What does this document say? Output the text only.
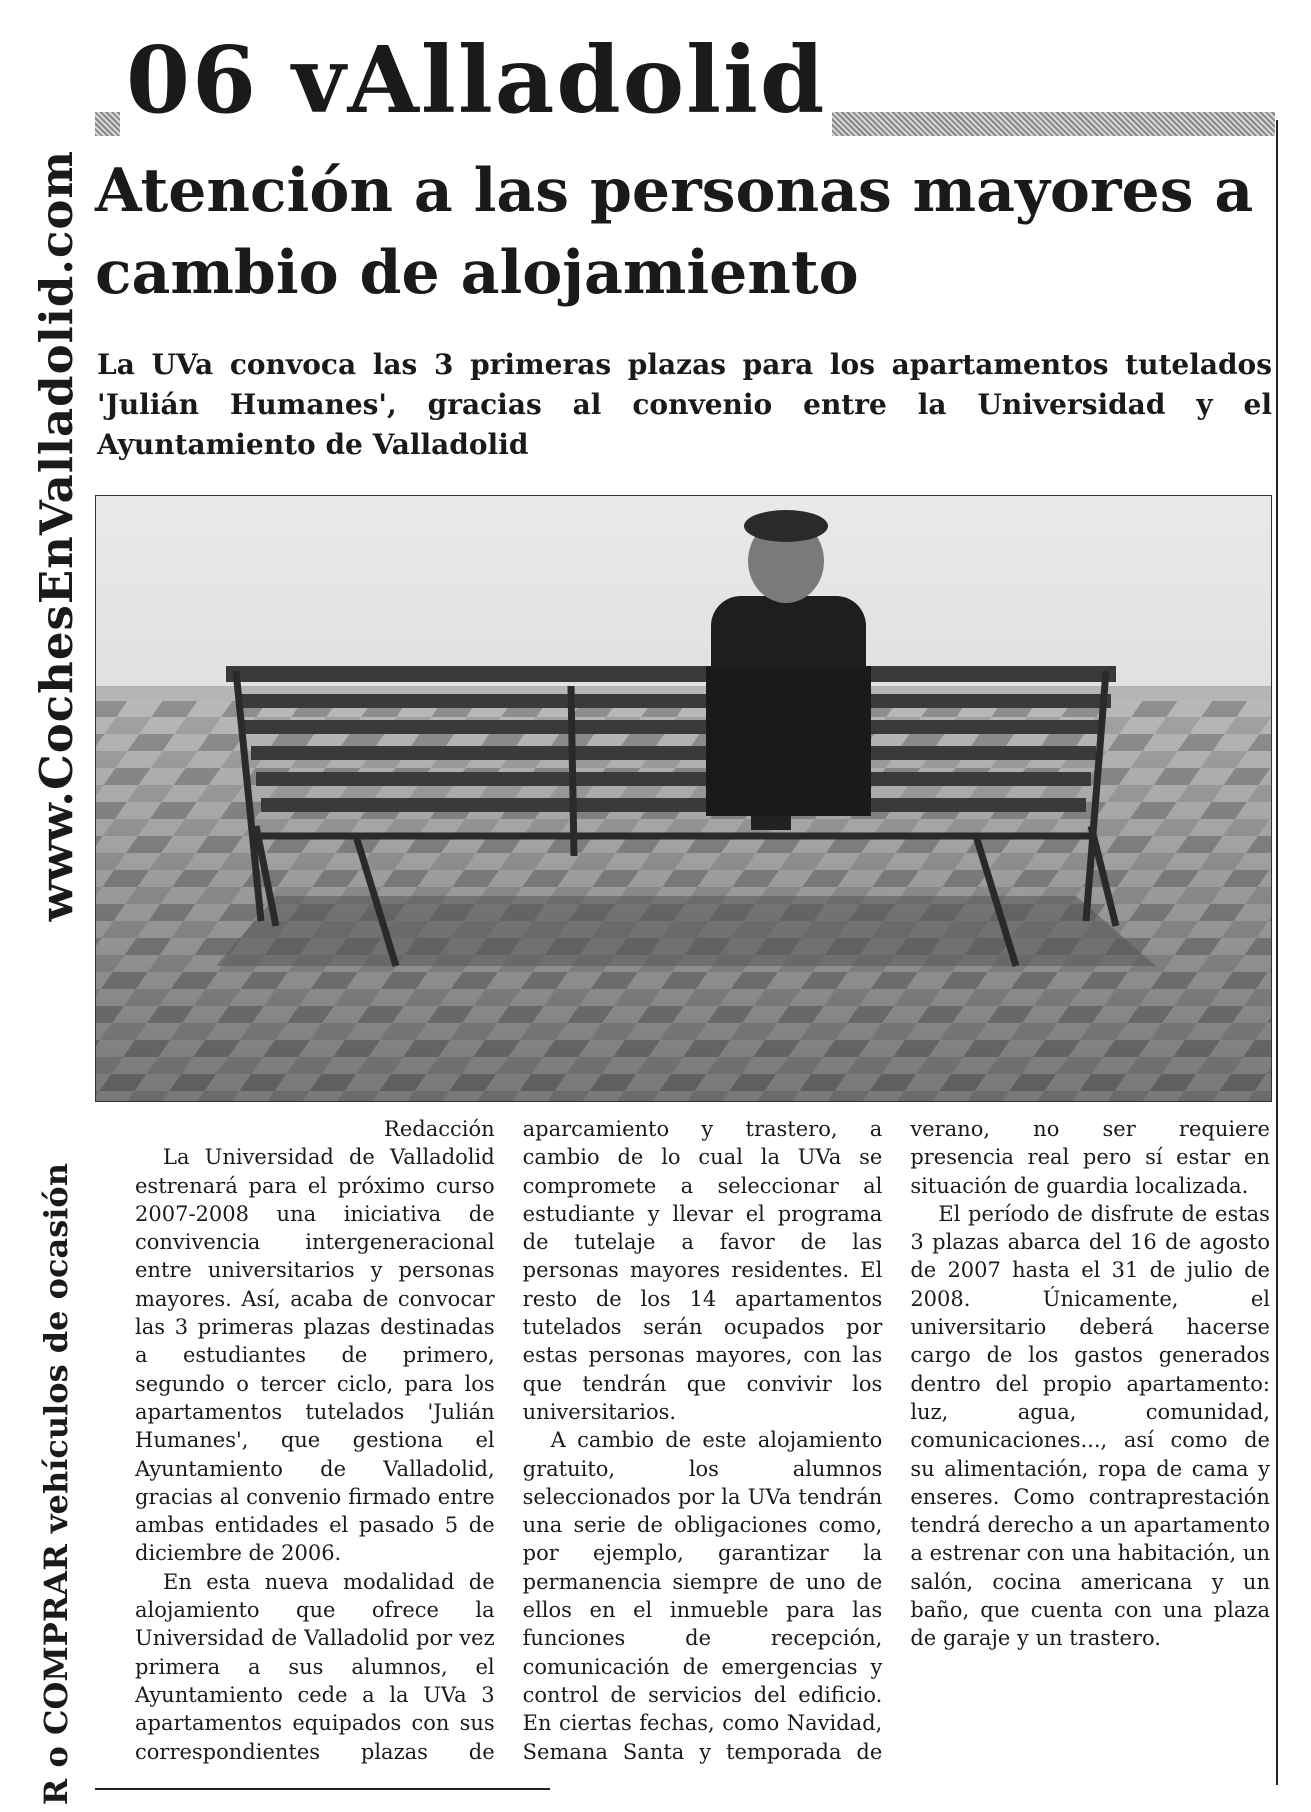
www.CochesEnValladolid.com
R o COMPRAR vehículos de ocasión
06 vAlladolid
Atención a las personas mayores a cambio de alojamiento

La UVa convoca las 3 primeras plazas para los apartamentos tutelados 'Julián Humanes', gracias al convenio entre la Universidad y el Ayuntamiento de Valladolid

Redacción

La Universidad de Valladolid estrenará para el próximo curso 2007-2008 una iniciativa de convivencia intergeneracional entre universitarios y personas mayores. Así, acaba de convocar las 3 primeras plazas destinadas a estudiantes de primero, segundo o tercer ciclo, para los apartamentos tutelados 'Julián Humanes', que gestiona el Ayuntamiento de Valladolid, gracias al convenio firmado entre ambas entidades el pasado 5 de diciembre de 2006.

En esta nueva modalidad de alojamiento que ofrece la Universidad de Valladolid por vez primera a sus alumnos, el Ayuntamiento cede a la UVa 3 apartamentos equipados con sus correspondientes plazas de aparcamiento y trastero, a cambio de lo cual la UVa se compromete a seleccionar al estudiante y llevar el programa de tutelaje a favor de las personas mayores residentes. El resto de los 14 apartamentos tutelados serán ocupados por estas personas mayores, con las que tendrán que convivir los universitarios.

A cambio de este alojamiento gratuito, los alumnos seleccionados por la UVa tendrán una serie de obligaciones como, por ejemplo, garantizar la permanencia siempre de uno de ellos en el inmueble para las funciones de recepción, comunicación de emergencias y control de servicios del edificio. En ciertas fechas, como Navidad, Semana Santa y temporada de verano, no ser requiere presencia real pero sí estar en situación de guardia localizada.

El período de disfrute de estas 3 plazas abarca del 16 de agosto de 2007 hasta el 31 de julio de 2008. Únicamente, el universitario deberá hacerse cargo de los gastos generados dentro del propio apartamento: luz, agua, comunidad, comunicaciones..., así como de su alimentación, ropa de cama y enseres. Como contraprestación tendrá derecho a un apartamento a estrenar con una habitación, un salón, cocina americana y un baño, que cuenta con una plaza de garaje y un trastero.
